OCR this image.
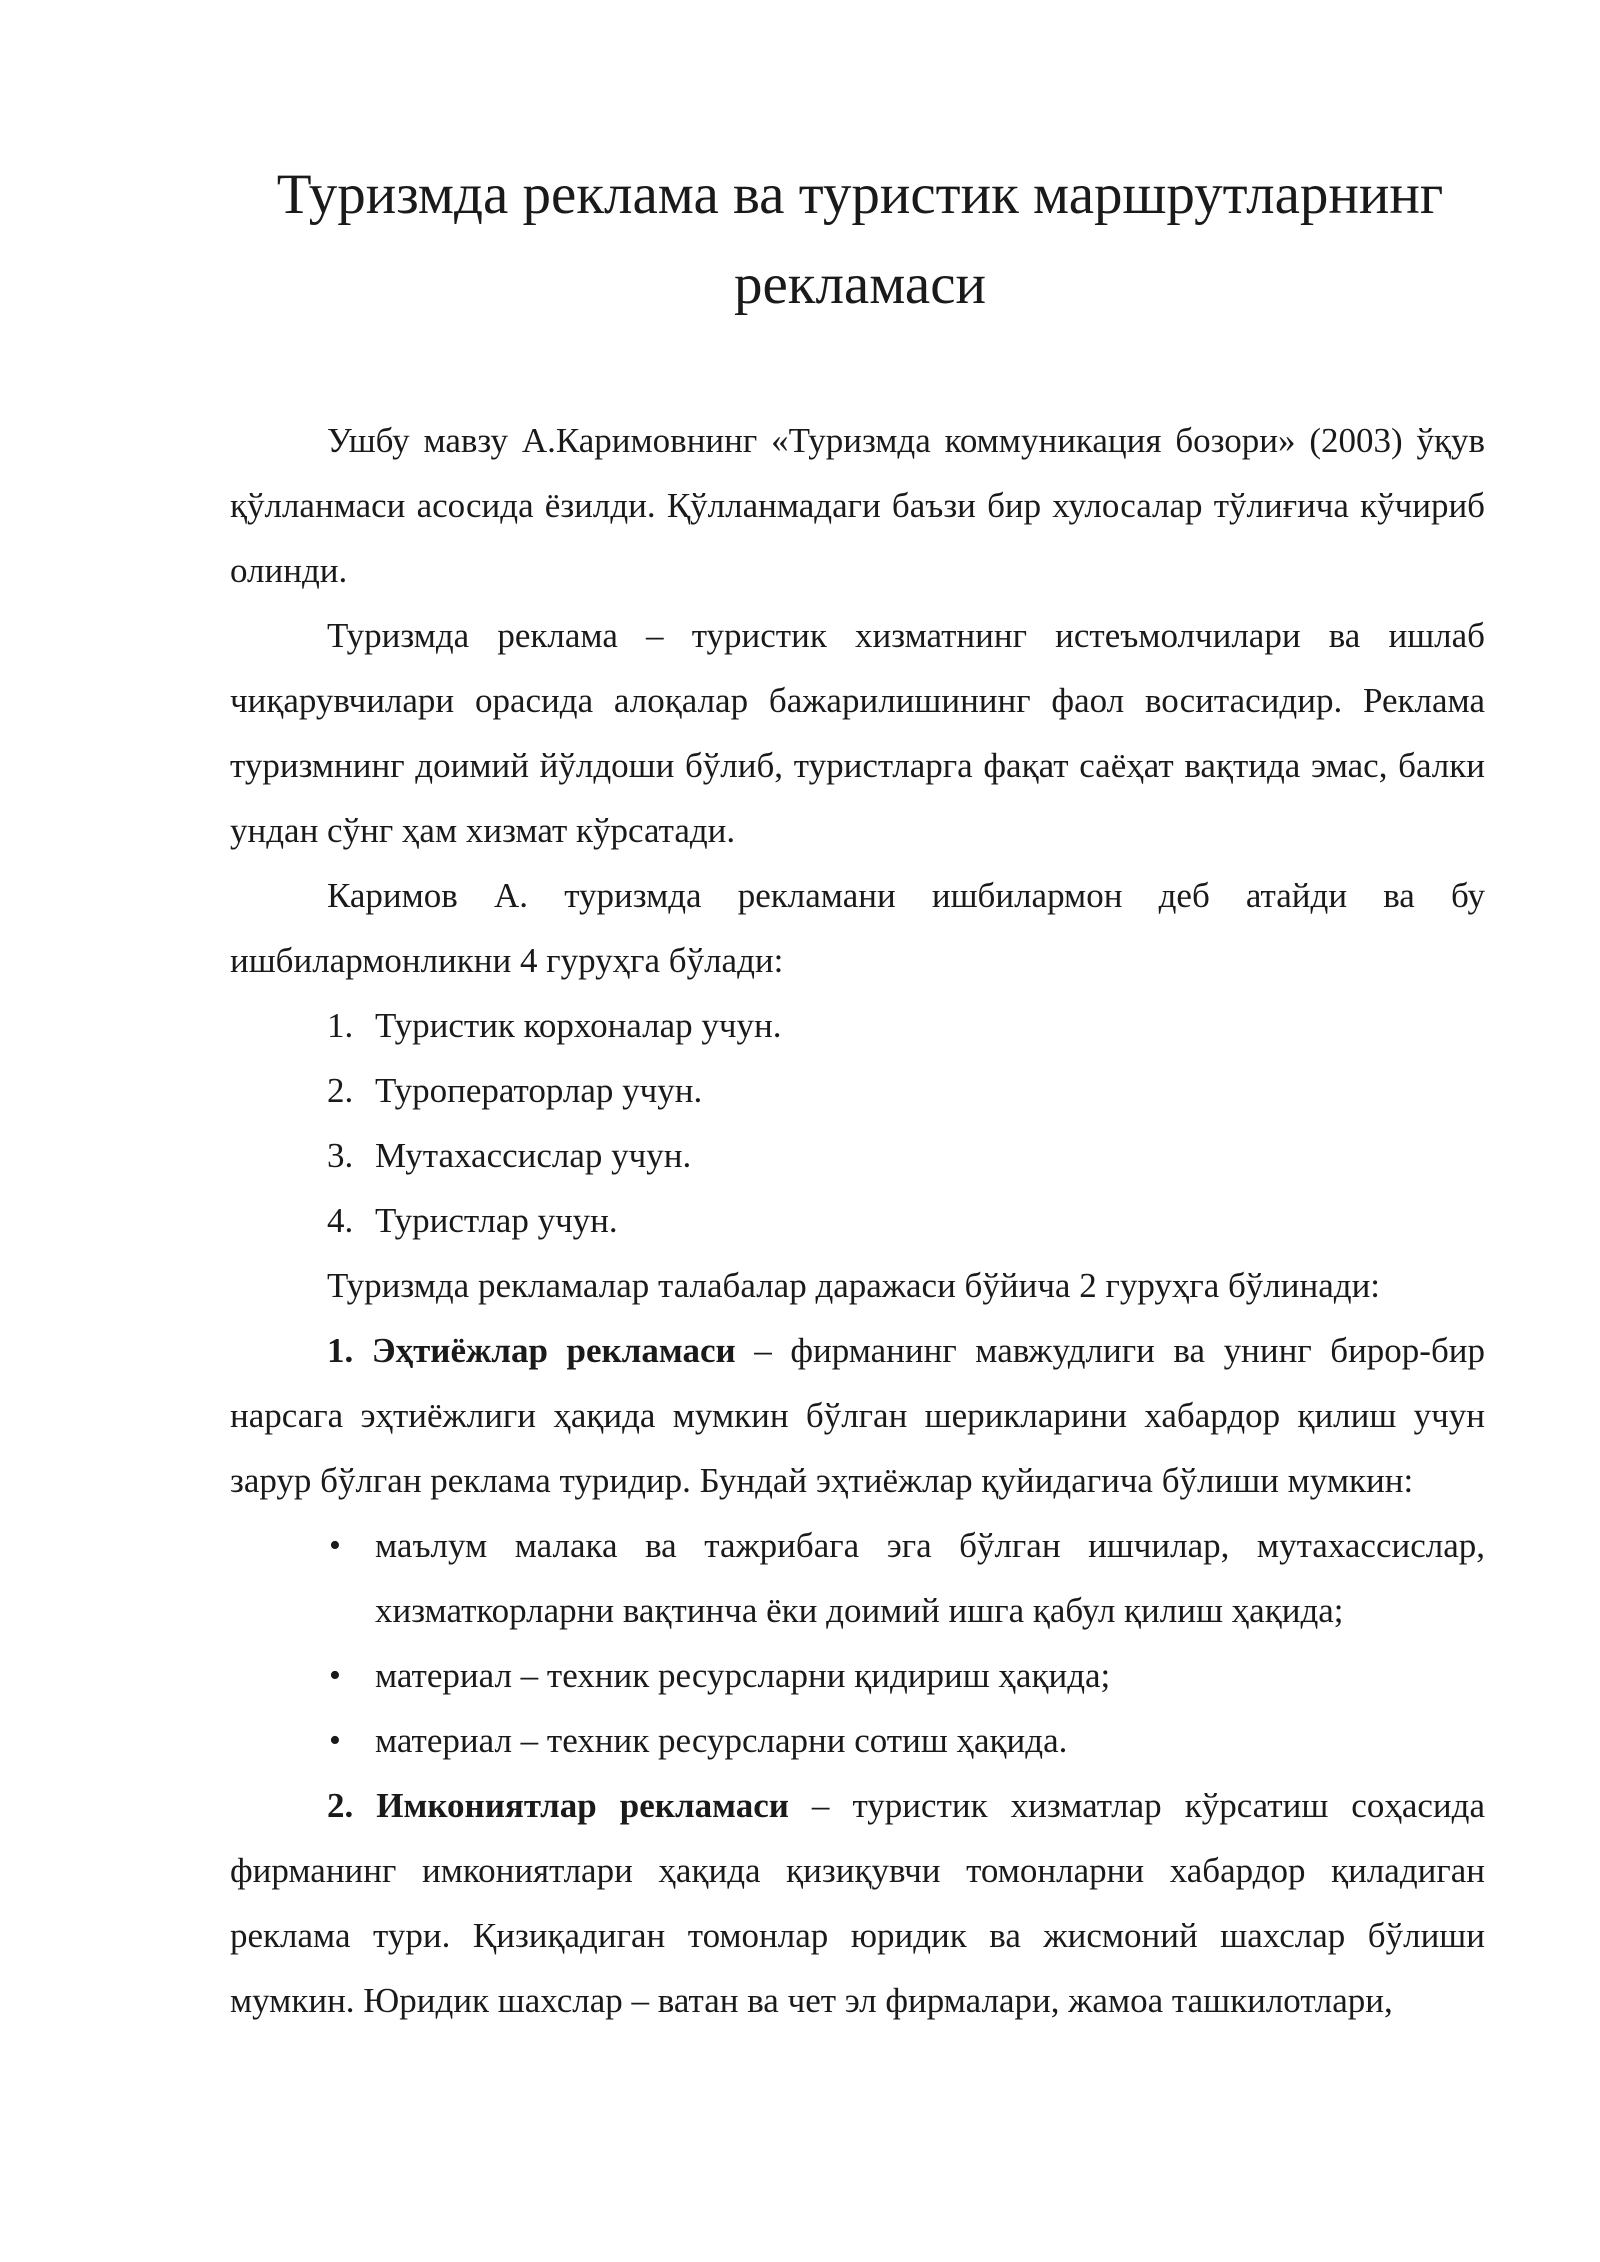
Туризмда реклама ва туристик маршрутларнинг рекламаси

Ушбу мавзу А.Каримовнинг «Туризмда коммуникация бозори» (2003) ўқув қўлланмаси асосида ёзилди. Қўлланмадаги баъзи бир хулосалар тўлиғича кўчириб олинди.

Туризмда реклама – туристик хизматнинг истеъмолчилари ва ишлаб чиқарувчилари орасида алоқалар бажарилишининг фаол воситасидир. Реклама туризмнинг доимий йўлдоши бўлиб, туристларга фақат саёҳат вақтида эмас, балки ундан сўнг ҳам хизмат кўрсатади.

Каримов А. туризмда рекламани ишбилармон деб атайди ва бу ишбилармонликни 4 гуруҳга бўлади:

1. Туристик корхоналар учун.
2. Туроператорлар учун.
3. Мутахассислар учун.
4. Туристлар учун.

Туризмда рекламалар талабалар даражаси бўйича 2 гуруҳга бўлинади:

1. Эҳтиёжлар рекламаси – фирманинг мавжудлиги ва унинг бирор-бир нарсага эҳтиёжлиги ҳақида мумкин бўлган шерикларини хабардор қилиш учун зарур бўлган реклама туридир. Бундай эҳтиёжлар қуйидагича бўлиши мумкин:

• маълум малака ва тажрибага эга бўлган ишчилар, мутахассислар, хизматкорларни вақтинча ёки доимий ишга қабул қилиш ҳақида;
• материал – техник ресурсларни қидириш ҳақида;
• материал – техник ресурсларни сотиш ҳақида.

2. Имкониятлар рекламаси – туристик хизматлар кўрсатиш соҳасида фирманинг имкониятлари ҳақида қизиқувчи томонларни хабардор қиладиган реклама тури. Қизиқадиган томонлар юридик ва жисмоний шахслар бўлиши мумкин. Юридик шахслар – ватан ва чет эл фирмалари, жамоа ташкилотлари,
